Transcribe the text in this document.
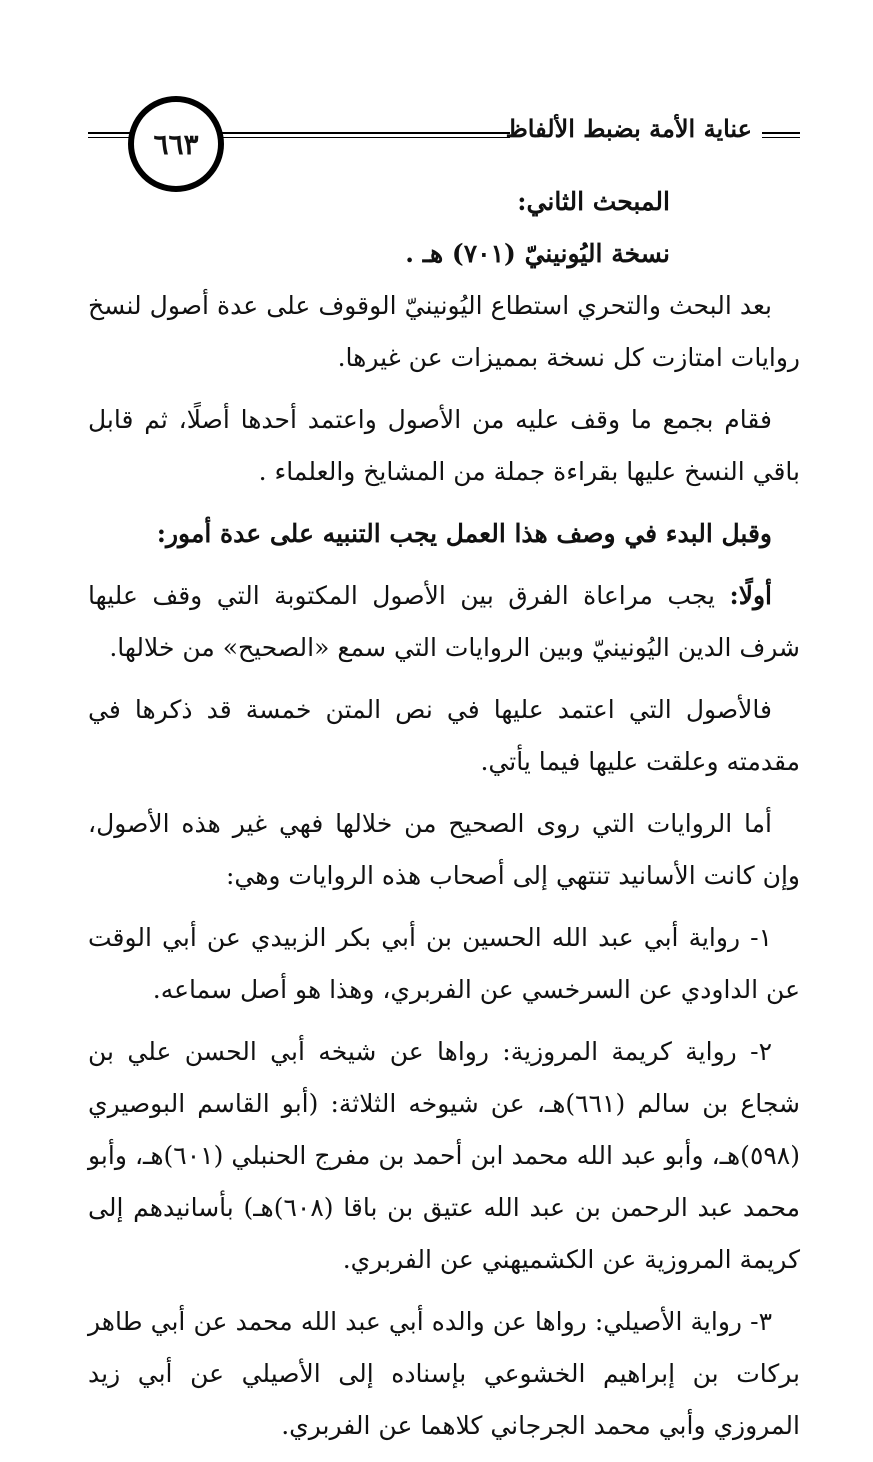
٦٦٣	عناية الأمة بضبط الألفاظ

المبحث الثاني:

نسخة اليُونينيّ (٧٠١) هـ .

بعد البحث والتحري استطاع اليُونينيّ الوقوف على عدة أصول لنسخ روايات امتازت كل نسخة بمميزات عن غيرها.

فقام بجمع ما وقف عليه من الأصول واعتمد أحدها أصلًا، ثم قابل باقي النسخ عليها بقراءة جملة من المشايخ والعلماء .

وقبل البدء في وصف هذا العمل يجب التنبيه على عدة أمور:

أولًا: يجب مراعاة الفرق بين الأصول المكتوبة التي وقف عليها شرف الدين اليُونينيّ وبين الروايات التي سمع «الصحيح» من خلالها.

فالأصول التي اعتمد عليها في نص المتن خمسة قد ذكرها في مقدمته وعلقت عليها فيما يأتي.

أما الروايات التي روى الصحيح من خلالها فهي غير هذه الأصول، وإن كانت الأسانيد تنتهي إلى أصحاب هذه الروايات وهي:

١- رواية أبي عبد الله الحسين بن أبي بكر الزبيدي عن أبي الوقت عن الداودي عن السرخسي عن الفربري، وهذا هو أصل سماعه.

٢- رواية كريمة المروزية: رواها عن شيخه أبي الحسن علي بن شجاع بن سالم (٦٦١)هـ، عن شيوخه الثلاثة: (أبو القاسم البوصيري (٥٩٨)هـ، وأبو عبد الله محمد ابن أحمد بن مفرج الحنبلي (٦٠١)هـ، وأبو محمد عبد الرحمن بن عبد الله عتيق بن باقا (٦٠٨)هـ) بأسانيدهم إلى كريمة المروزية عن الكشميهني عن الفربري.

٣- رواية الأصيلي: رواها عن والده أبي عبد الله محمد عن أبي طاهر بركات بن إبراهيم الخشوعي بإسناده إلى الأصيلي عن أبي زيد المروزي وأبي محمد الجرجاني كلاهما عن الفربري.
